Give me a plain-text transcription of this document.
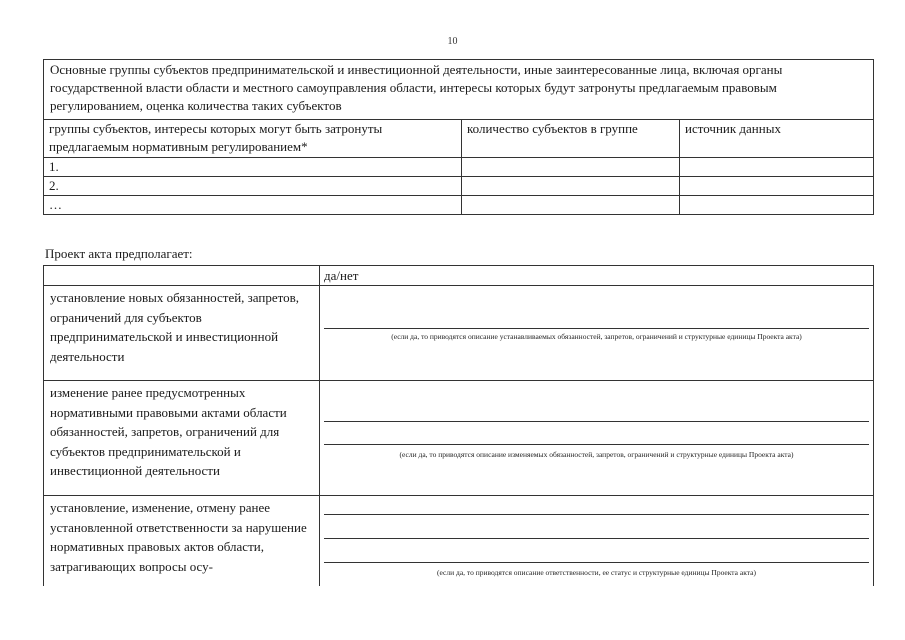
10
Основные группы субъектов предпринимательской и инвестиционной деятельности, иные заинтересованные лица, включая органы государственной власти области и местного самоуправления области, интересы которых будут затронуты предлагаемым правовым регулированием, оценка количества таких субъектов		
группы субъектов, интересы которых могут быть затронуты предлагаемым нормативным регулированием*	количество субъектов в группе	источник данных
1.		
2.		
…		
Проект акта предполагает:
	да/нет
установление новых обязанностей, запретов, ограничений для субъектов предпринимательской и инвестиционной деятельности	(если да, то приводятся описание устанавливаемых обязанностей, запретов, ограничений и структурные единицы Проекта акта)

изменение ранее предусмотренных нормативными правовыми актами области обязанностей, запретов, ограничений для субъектов предпринимательской и инвестиционной деятельности	(если да, то приводятся описание изменяемых обязанностей, запретов, ограничений и структурные единицы Проекта акта)

установление, изменение, отмену ранее установленной ответственности за нарушение нормативных правовых актов области, затрагивающих вопросы осу-	(если да, то приводятся описание ответственности, ее статус и структурные единицы Проекта акта)
